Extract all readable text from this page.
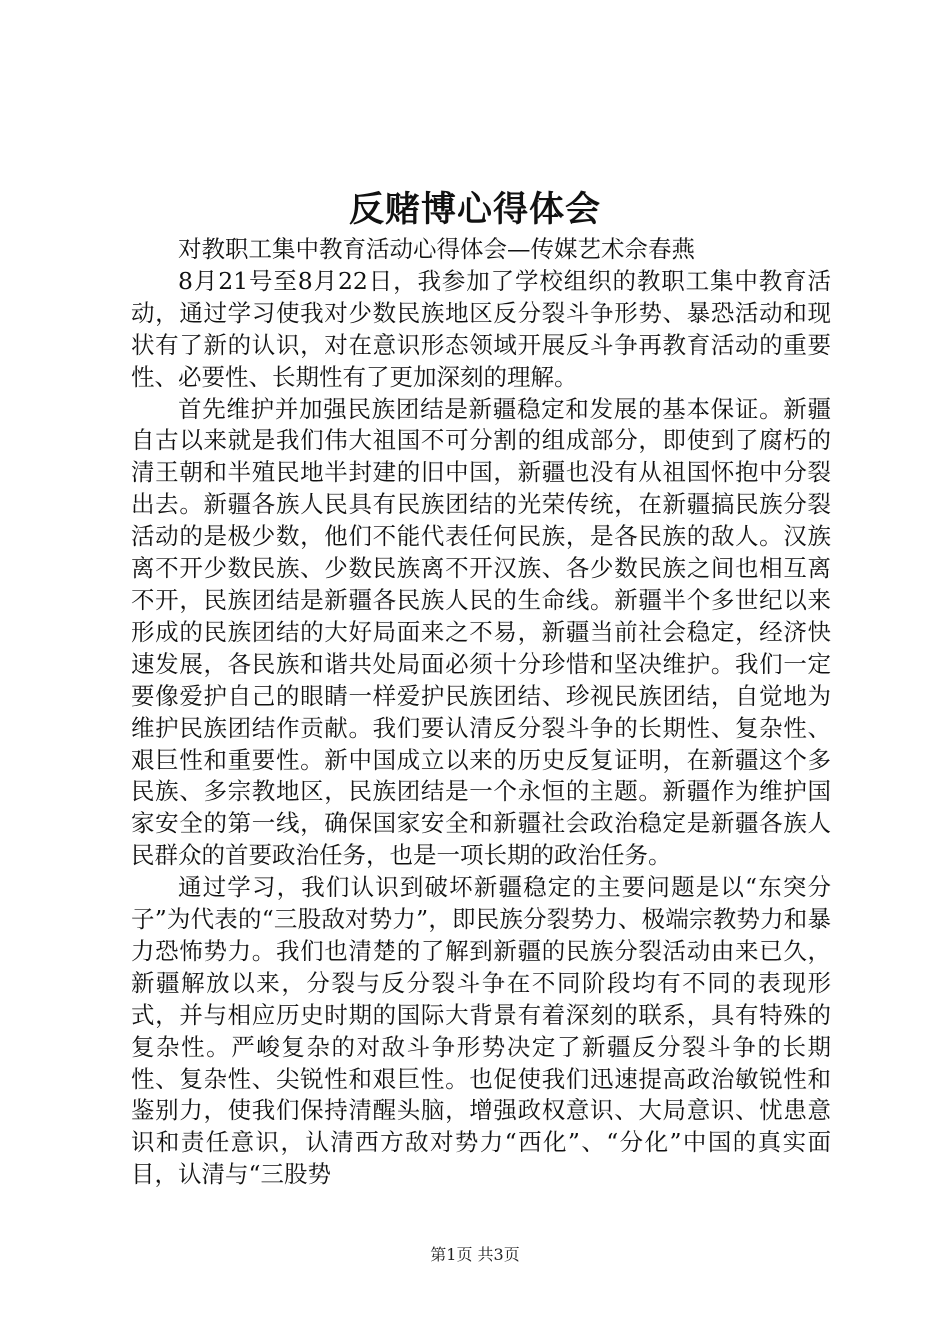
反赌博心得体会

对教职工集中教育活动心得体会—传媒艺术佘春燕

8月21号至8月22日，我参加了学校组织的教职工集中教育活动，通过学习使我对少数民族地区反分裂斗争形势、暴恐活动和现状有了新的认识，对在意识形态领域开展反斗争再教育活动的重要性、必要性、长期性有了更加深刻的理解。

首先维护并加强民族团结是新疆稳定和发展的基本保证。新疆自古以来就是我们伟大祖国不可分割的组成部分，即使到了腐朽的清王朝和半殖民地半封建的旧中国，新疆也没有从祖国怀抱中分裂出去。新疆各族人民具有民族团结的光荣传统，在新疆搞民族分裂活动的是极少数，他们不能代表任何民族，是各民族的敌人。汉族离不开少数民族、少数民族离不开汉族、各少数民族之间也相互离不开，民族团结是新疆各民族人民的生命线。新疆半个多世纪以来形成的民族团结的大好局面来之不易，新疆当前社会稳定，经济快速发展，各民族和谐共处局面必须十分珍惜和坚决维护。我们一定要像爱护自己的眼睛一样爱护民族团结、珍视民族团结，自觉地为维护民族团结作贡献。我们要认清反分裂斗争的长期性、复杂性、艰巨性和重要性。新中国成立以来的历史反复证明，在新疆这个多民族、多宗教地区，民族团结是一个永恒的主题。新疆作为维护国家安全的第一线，确保国家安全和新疆社会政治稳定是新疆各族人民群众的首要政治任务，也是一项长期的政治任务。

通过学习，我们认识到破坏新疆稳定的主要问题是以“东突分子”为代表的“三股敌对势力”，即民族分裂势力、极端宗教势力和暴力恐怖势力。我们也清楚的了解到新疆的民族分裂活动由来已久，新疆解放以来，分裂与反分裂斗争在不同阶段均有不同的表现形式，并与相应历史时期的国际大背景有着深刻的联系，具有特殊的复杂性。严峻复杂的对敌斗争形势决定了新疆反分裂斗争的长期性、复杂性、尖锐性和艰巨性。也促使我们迅速提高政治敏锐性和鉴别力，使我们保持清醒头脑，增强政权意识、大局意识、忧患意识和责任意识，认清西方敌对势力“西化”、“分化”中国的真实面目，认清与“三股势

第1页 共3页
